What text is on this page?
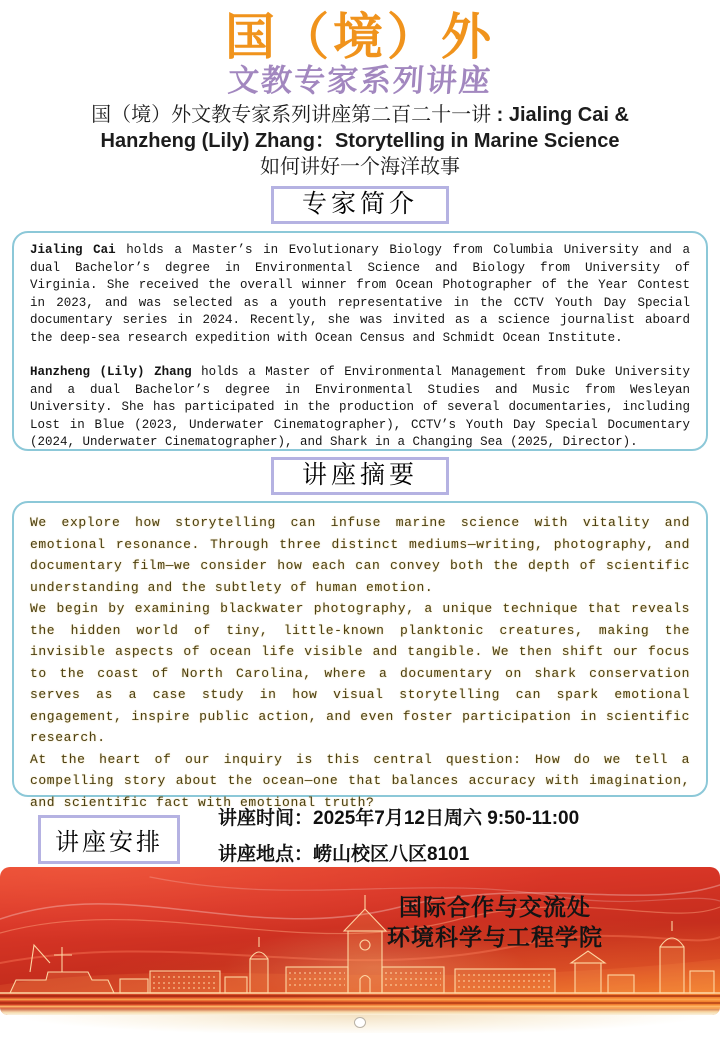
国（境）外
文教专家系列讲座
国（境）外文教专家系列讲座第二百二十一讲 : Jialing Cai &
Hanzheng (Lily) Zhang：Storytelling in Marine Science
如何讲好一个海洋故事
专家简介

Jialing Cai holds a Master’s in Evolutionary Biology from Columbia University and a dual Bachelor’s degree in Environmental Science and Biology from University of Virginia. She received the overall winner from Ocean Photographer of the Year Contest in 2023, and was selected as a youth representative in the CCTV Youth Day Special documentary series in 2024. Recently, she was invited as a science journalist aboard the deep-sea research expedition with Ocean Census and Schmidt Ocean Institute.

Hanzheng (Lily) Zhang holds a Master of Environmental Management from Duke University and a dual Bachelor’s degree in Environmental Studies and Music from Wesleyan University. She has participated in the production of several documentaries, including Lost in Blue (2023, Underwater Cinematographer), CCTV’s Youth Day Special Documentary (2024, Underwater Cinematographer), and Shark in a Changing Sea (2025, Director).

讲座摘要

We explore how storytelling can infuse marine science with vitality and emotional resonance. Through three distinct mediums—writing, photography, and documentary film—we consider how each can convey both the depth of scientific understanding and the subtlety of human emotion.

We begin by examining blackwater photography, a unique technique that reveals the hidden world of tiny, little-known planktonic creatures, making the invisible aspects of ocean life visible and tangible. We then shift our focus to the coast of North Carolina, where a documentary on shark conservation serves as a case study in how visual storytelling can spark emotional engagement, inspire public action, and even foster participation in scientific research.

At the heart of our inquiry is this central question: How do we tell a compelling story about the ocean—one that balances accuracy with imagination, and scientific fact with emotional truth?

讲座安排

讲座时间：2025年7月12日周六 9:50-11:00

讲座地点：崂山校区八区8101

国际合作与交流处
环境科学与工程学院
